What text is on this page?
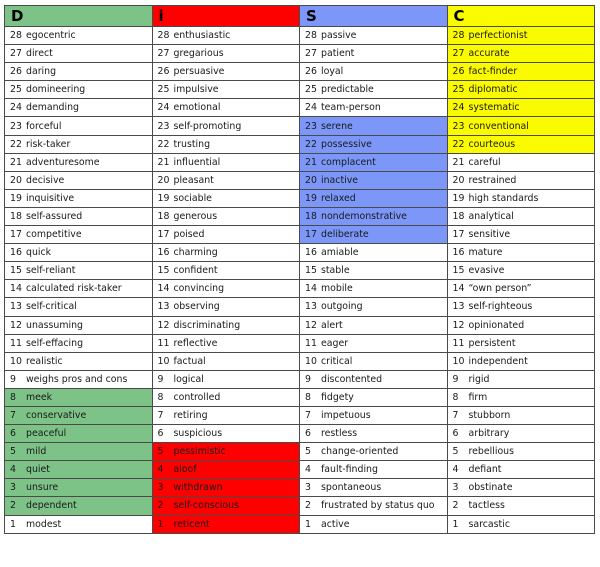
D	i	S	C
28 egocentric	28 enthusiastic	28 passive	28 perfectionist
27 direct	27 gregarious	27 patient	27 accurate
26 daring	26 persuasive	26 loyal	26 fact-finder
25 domineering	25 impulsive	25 predictable	25 diplomatic
24 demanding	24 emotional	24 team-person	24 systematic
23 forceful	23 self-promoting	23 serene	23 conventional
22 risk-taker	22 trusting	22 possessive	22 courteous
21 adventuresome	21 influential	21 complacent	21 careful
20 decisive	20 pleasant	20 inactive	20 restrained
19 inquisitive	19 sociable	19 relaxed	19 high standards
18 self-assured	18 generous	18 nondemonstrative	18 analytical
17 competitive	17 poised	17 deliberate	17 sensitive
16 quick	16 charming	16 amiable	16 mature
15 self-reliant	15 confident	15 stable	15 evasive
14 calculated risk-taker	14 convincing	14 mobile	14 “own person”
13 self-critical	13 observing	13 outgoing	13 self-righteous
12 unassuming	12 discriminating	12 alert	12 opinionated
11 self-effacing	11 reflective	11 eager	11 persistent
10 realistic	10 factual	10 critical	10 independent
9 weighs pros and cons	9 logical	9 discontented	9 rigid
8 meek	8 controlled	8 fidgety	8 firm
7 conservative	7 retiring	7 impetuous	7 stubborn
6 peaceful	6 suspicious	6 restless	6 arbitrary
5 mild	5 pessimistic	5 change-oriented	5 rebellious
4 quiet	4 aloof	4 fault-finding	4 defiant
3 unsure	3 withdrawn	3 spontaneous	3 obstinate
2 dependent	2 self-conscious	2 frustrated by status quo	2 tactless
1 modest	1 reticent	1 active	1 sarcastic
